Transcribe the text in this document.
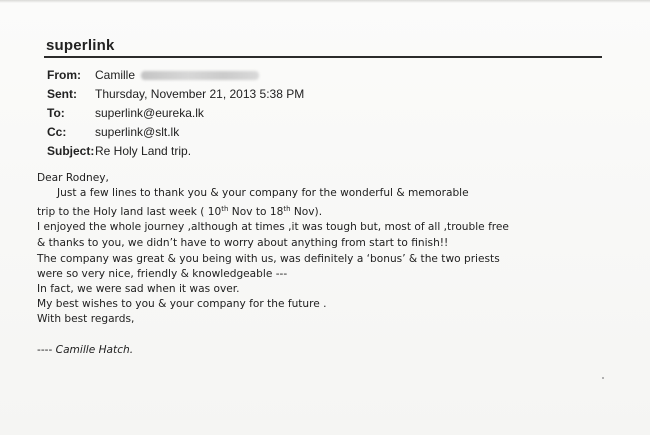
superlink
From: Camille
Sent: Thursday, November 21, 2013 5:38 PM
To:	superlink@eureka.lk
Cc: superlink@slt.lk
Subject: Re Holy Land trip.
Dear Rodney,
Just a few lines to thank you & your company for the wonderful & memorable
trip to the Holy land last week ( 10th Nov to 18th Nov).
I enjoyed the whole journey ,although at times ,it was tough but, most of all ,trouble free
& thanks to you, we didn’t have to worry about anything from start to finish!!
The company was great & you being with us, was definitely a ‘bonus’ & the two priests
were so very nice, friendly & knowledgeable ---
In fact, we were sad when it was over.
My best wishes to you & your company for the future .
With best regards,
---- Camille Hatch.
